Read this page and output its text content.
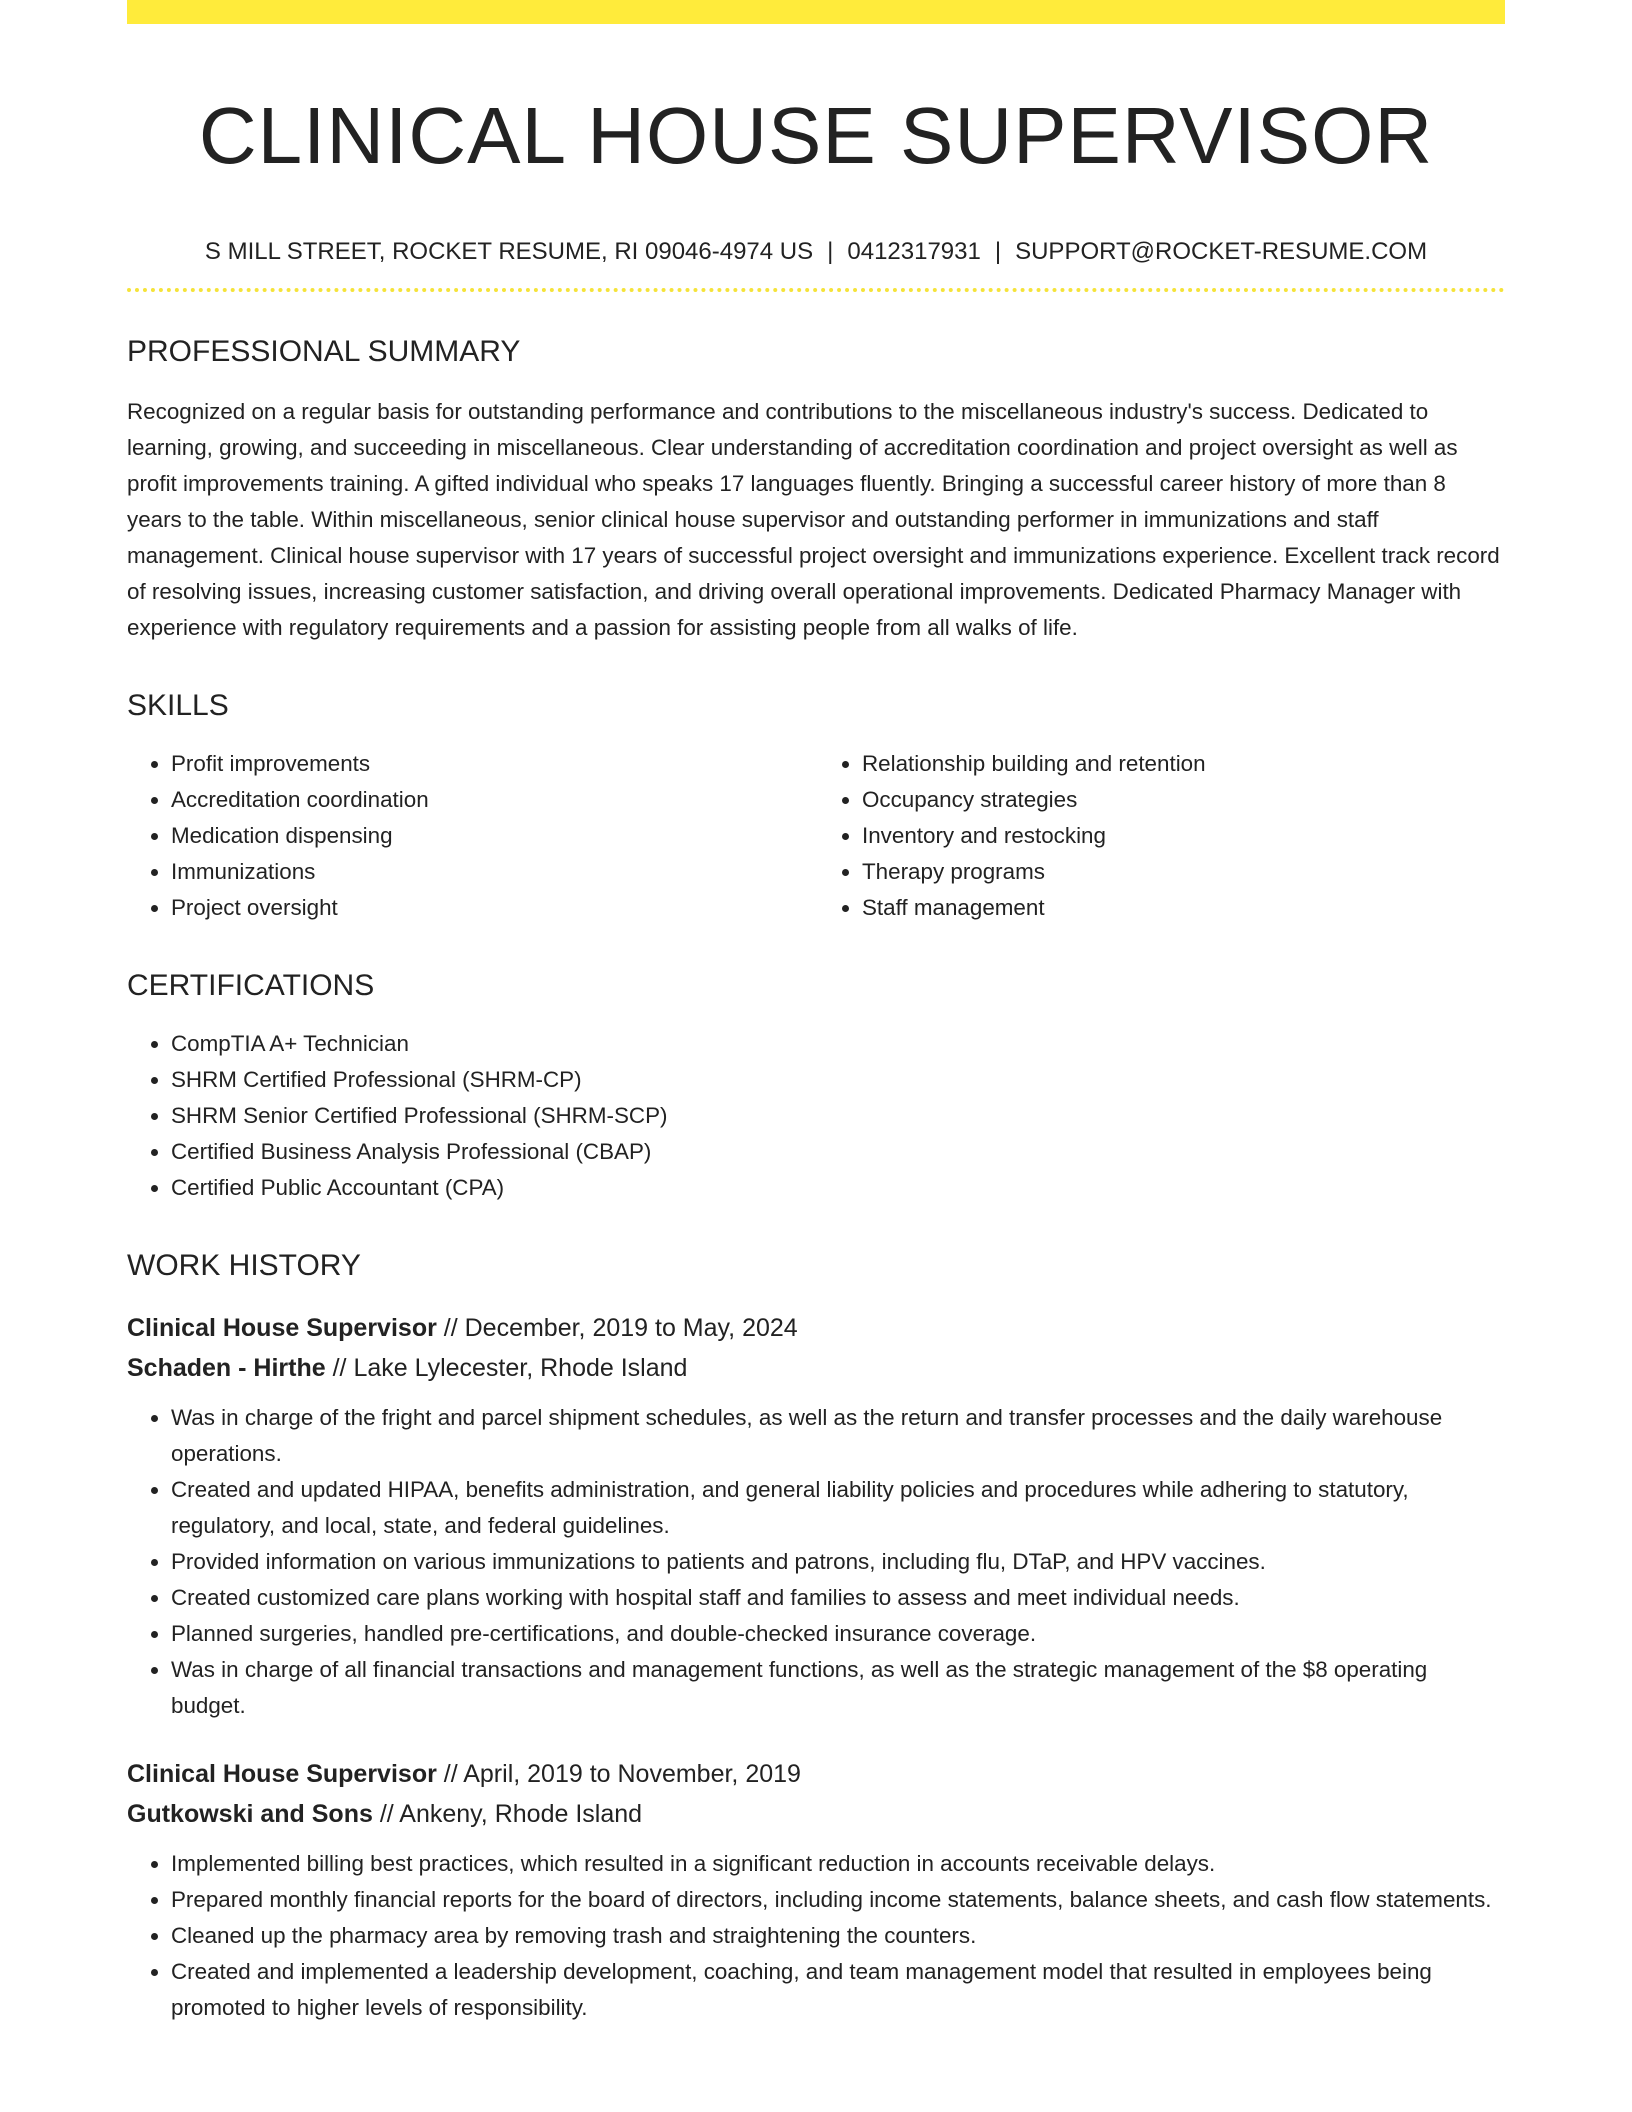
CLINICAL HOUSE SUPERVISOR
S MILL STREET, ROCKET RESUME, RI 09046-4974 US | 0412317931 | SUPPORT@ROCKET-RESUME.COM
PROFESSIONAL SUMMARY
Recognized on a regular basis for outstanding performance and contributions to the miscellaneous industry's success. Dedicated to learning, growing, and succeeding in miscellaneous. Clear understanding of accreditation coordination and project oversight as well as profit improvements training. A gifted individual who speaks 17 languages fluently. Bringing a successful career history of more than 8 years to the table. Within miscellaneous, senior clinical house supervisor and outstanding performer in immunizations and staff management. Clinical house supervisor with 17 years of successful project oversight and immunizations experience. Excellent track record of resolving issues, increasing customer satisfaction, and driving overall operational improvements. Dedicated Pharmacy Manager with experience with regulatory requirements and a passion for assisting people from all walks of life.
SKILLS
• Profit improvements
• Accreditation coordination
• Medication dispensing
• Immunizations
• Project oversight
• Relationship building and retention
• Occupancy strategies
• Inventory and restocking
• Therapy programs
• Staff management
CERTIFICATIONS
• CompTIA A+ Technician
• SHRM Certified Professional (SHRM-CP)
• SHRM Senior Certified Professional (SHRM-SCP)
• Certified Business Analysis Professional (CBAP)
• Certified Public Accountant (CPA)
WORK HISTORY
Clinical House Supervisor // December, 2019 to May, 2024
Schaden - Hirthe // Lake Lylecester, Rhode Island
• Was in charge of the fright and parcel shipment schedules, as well as the return and transfer processes and the daily warehouse operations.
• Created and updated HIPAA, benefits administration, and general liability policies and procedures while adhering to statutory, regulatory, and local, state, and federal guidelines.
• Provided information on various immunizations to patients and patrons, including flu, DTaP, and HPV vaccines.
• Created customized care plans working with hospital staff and families to assess and meet individual needs.
• Planned surgeries, handled pre-certifications, and double-checked insurance coverage.
• Was in charge of all financial transactions and management functions, as well as the strategic management of the $8 operating budget.
Clinical House Supervisor // April, 2019 to November, 2019
Gutkowski and Sons // Ankeny, Rhode Island
• Implemented billing best practices, which resulted in a significant reduction in accounts receivable delays.
• Prepared monthly financial reports for the board of directors, including income statements, balance sheets, and cash flow statements.
• Cleaned up the pharmacy area by removing trash and straightening the counters.
• Created and implemented a leadership development, coaching, and team management model that resulted in employees being promoted to higher levels of responsibility.
